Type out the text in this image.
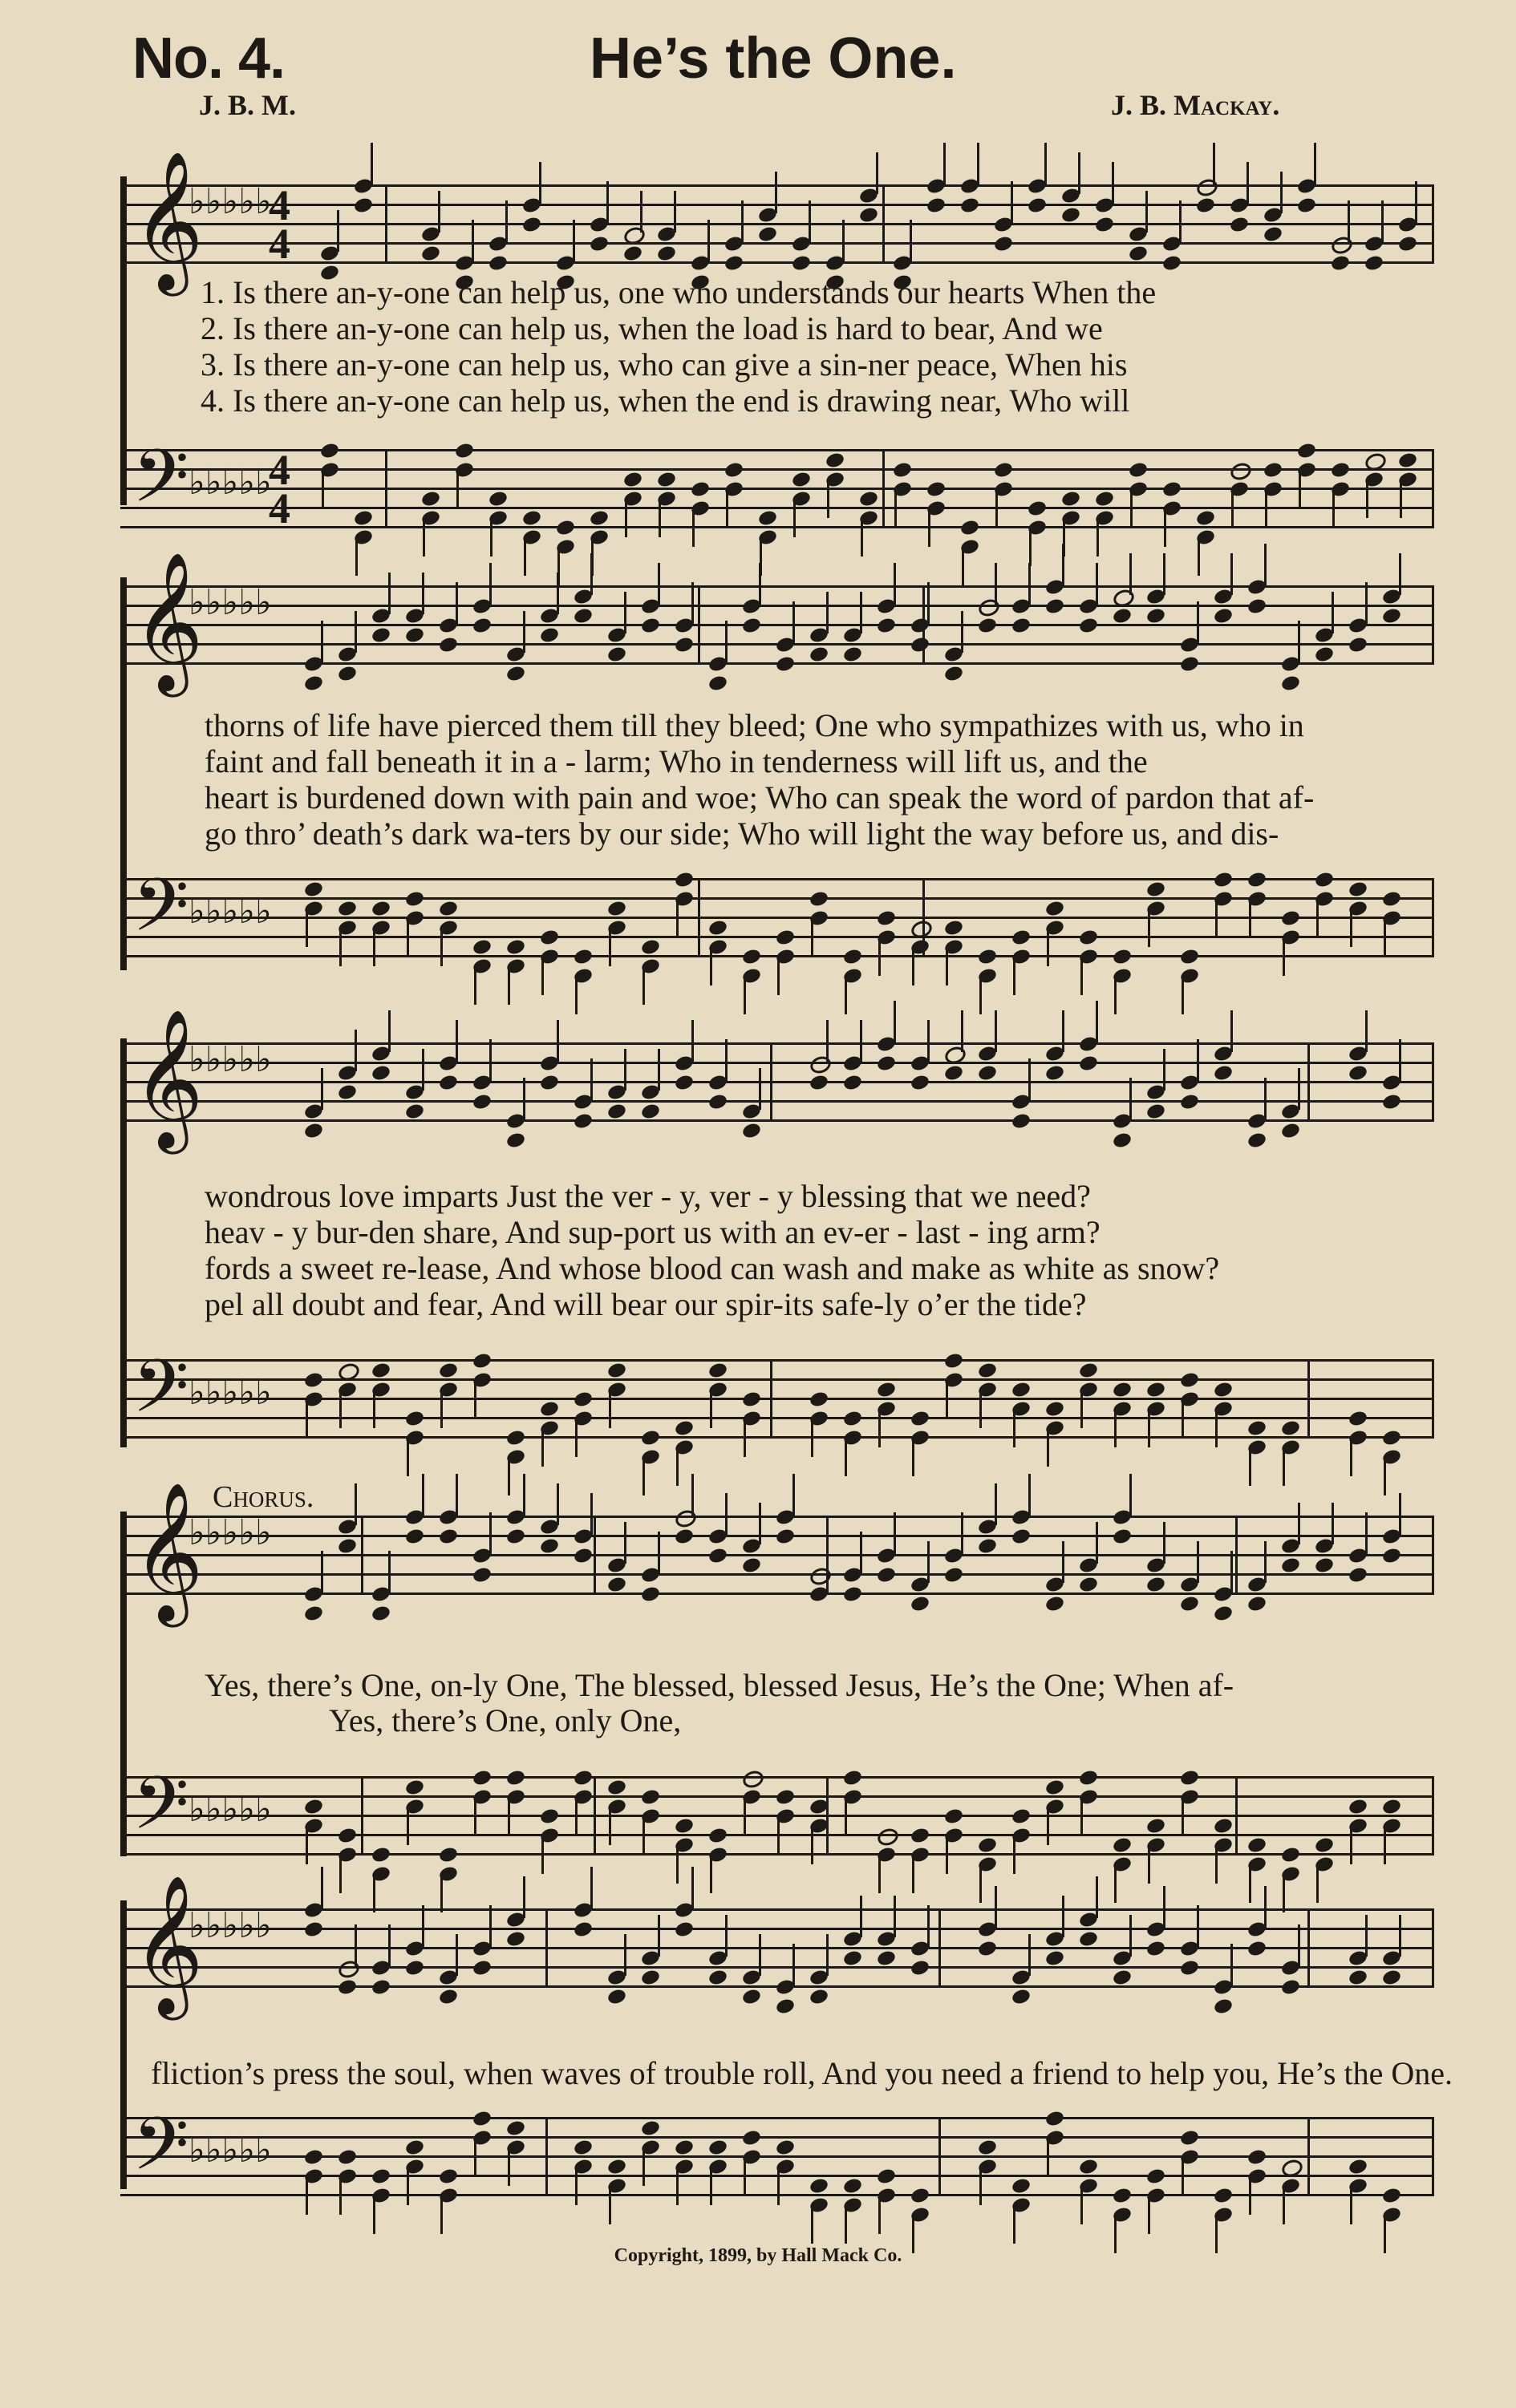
No. 4.	He’s the One.
J. B. M.	J. B. Mackay.
𝄞
♭♭♭♭♭
4
4
𝄢 ♭♭♭♭♭
4
4
1. Is there an-y-one can help us, one who understands our hearts When the
2. Is there an-y-one can help us, when the load is hard to bear, And we
3. Is there an-y-one can help us, who can give a sin-ner peace, When his
4. Is there an-y-one can help us, when the end is drawing near, Who will
𝄞
♭♭♭♭♭
𝄢 ♭♭♭♭♭
thorns of life have pierced them till they bleed; One who sympathizes with us, who in
faint and fall beneath it in a - larm; Who in tenderness will lift us, and the
heart is burdened down with pain and woe; Who can speak the word of pardon that af-
go thro’ death’s dark wa-ters by our side; Who will light the way before us, and dis-
𝄞
♭♭♭♭♭
𝄢 ♭♭♭♭♭
wondrous love imparts Just the ver - y, ver - y blessing that we need?
heav - y bur-den share, And sup-port us with an ev-er - last - ing arm?
fords a sweet re-lease, And whose blood can wash and make as white as snow?
pel all doubt and fear, And will bear our spir-its safe-ly o’er the tide?
Chorus.
𝄞
♭♭♭♭♭
𝄢 ♭♭♭♭♭
Yes, there’s One, on-ly One, The blessed, blessed Jesus, He’s the One; When af-
Yes, there’s One, only One,
𝄞
♭♭♭♭♭
𝄢 ♭♭♭♭♭
fliction’s press the soul, when waves of trouble roll, And you need a friend to help you, He’s the One.
Copyright, 1899, by Hall Mack Co.
